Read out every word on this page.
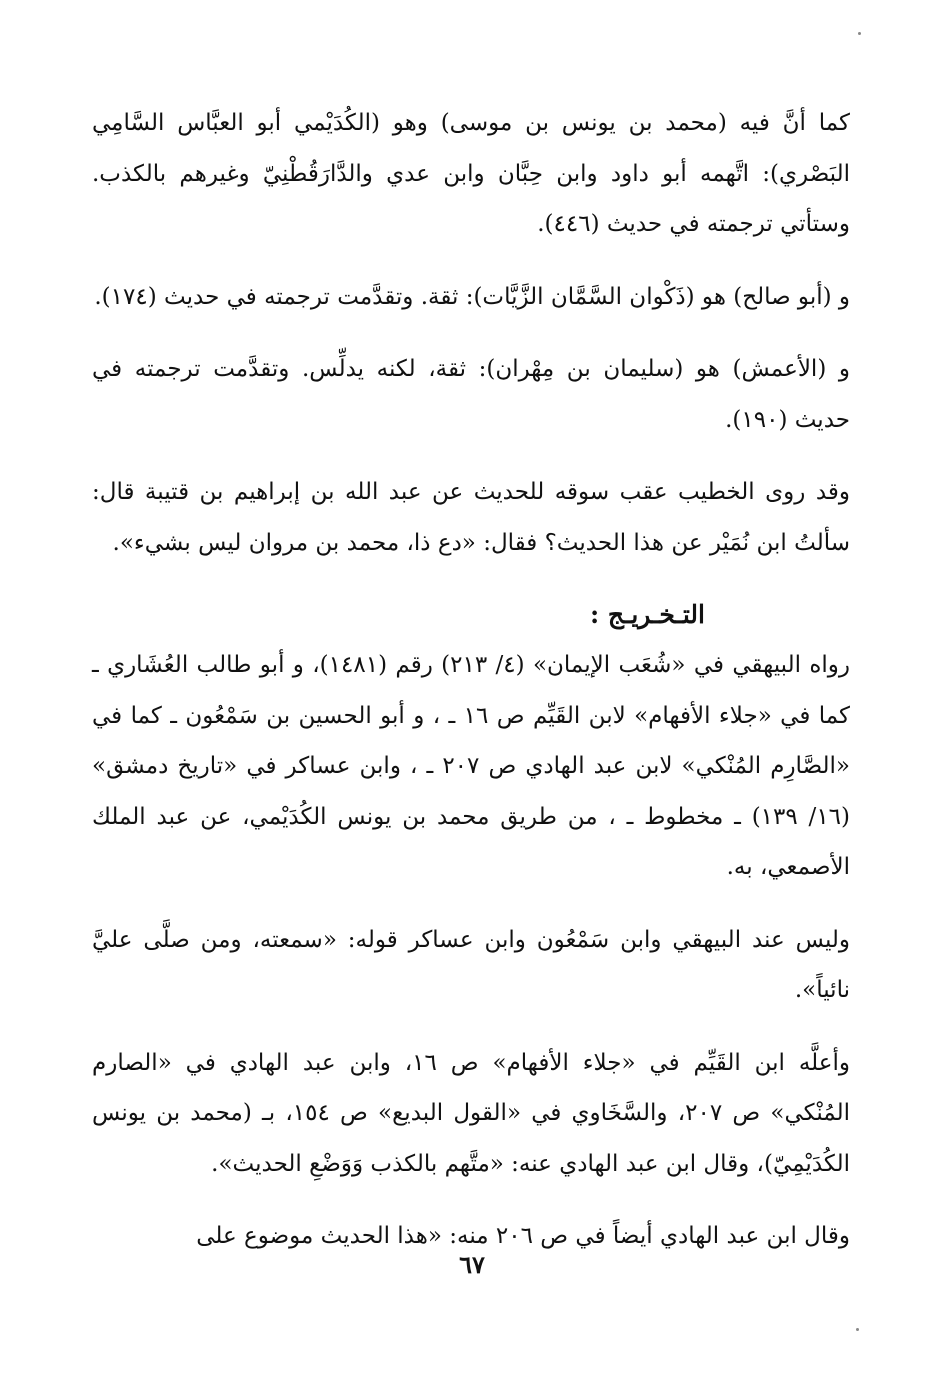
كما أنَّ فيه (محمد بن يونس بن موسى) وهو (الكُدَيْمي أبو العبَّاس السَّامِي البَصْري): اتَّهمه أبو داود وابن حِبَّان وابن عدي والدَّارَقُطْنِيّ وغيرهم بالكذب. وستأتي ترجمته في حديث (٤٤٦).

و (أبو صالح) هو (ذَكْوان السَّمَّان الزَّيَّات): ثقة. وتقدَّمت ترجمته في حديث (١٧٤).

و (الأعمش) هو (سليمان بن مِهْران): ثقة، لكنه يدلِّس. وتقدَّمت ترجمته في حديث (١٩٠).

وقد روى الخطيب عقب سوقه للحديث عن عبد الله بن إبراهيم بن قتيبة قال: سألتُ ابن نُمَيْر عن هذا الحديث؟ فقال: «دع ذا، محمد بن مروان ليس بشيء».

التـخـريـج :

رواه البيهقي في «شُعَب الإيمان» (٤/ ٢١٣) رقم (١٤٨١)، و أبو طالب العُشَاري ـ كما في «جلاء الأفهام» لابن القَيِّم ص ١٦ ـ ، و أبو الحسين بن سَمْعُون ـ كما في «الصَّارِم المُنْكي» لابن عبد الهادي ص ٢٠٧ ـ ، وابن عساكر في «تاريخ دمشق» (١٦/ ١٣٩) ـ مخطوط ـ ، من طريق محمد بن يونس الكُدَيْمي، عن عبد الملك الأصمعي، به.

وليس عند البيهقي وابن سَمْعُون وابن عساكر قوله: «سمعته، ومن صلَّى عليَّ نائياً».

وأعلَّه ابن القَيِّم في «جلاء الأفهام» ص ١٦، وابن عبد الهادي في «الصارم المُنْكي» ص ٢٠٧، والسَّخَاوي في «القول البديع» ص ١٥٤، بـ (محمد بن يونس الكُدَيْمِيّ)، وقال ابن عبد الهادي عنه: «متَّهم بالكذب وَوَضْعِ الحديث».

وقال ابن عبد الهادي أيضاً في ص ٢٠٦ منه: «هذا الحديث موضوع على

٦٧
